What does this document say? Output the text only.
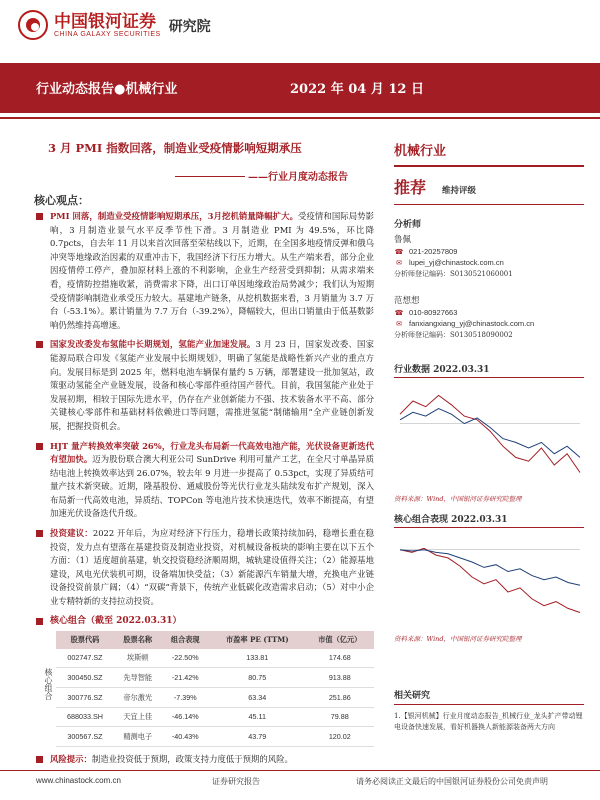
中国银河证券
CHINA GALAXY SECURITIES 研究院
行业动态报告●机械行业	2022 年 04 月 12 日
3 月 PMI 指数回落，制造业受疫情影响短期承压
——行业月度动态报告
核心观点：
PMI 回落，制造业受疫情影响短期承压，3月挖机销量降幅扩大。受疫情和国际局势影响，3 月制造业景气水平反季节性下滑。3 月制造业 PMI 为 49.5%，环比降 0.7pcts，自去年 11 月以来首次回落至荣枯线以下，近期，在全国多地疫情反弹和俄乌冲突等地缘政治因素的双重冲击下，我国经济下行压力增大。从生产端来看，部分企业因疫情停工停产，叠加原材料上涨的不利影响，企业生产经营受到抑制；从需求端来看，疫情防控措施收紧，消费需求下降，出口订单因地缘政治局势减少；我们认为短期受疫情影响制造业承受压力较大。基建地产链条，从挖机数据来看，3 月销量为 3.7 万台（-53.1%）。累计销量为 7.7 万台（-39.2%），降幅较大，但出口销量由于低基数影响仍然维持高增速。
国家发改委发布氢能中长期规划，氢能产业加速发展。3 月 23 日，国家发改委、国家能源局联合印发《氢能产业发展中长期规划》，明确了氢能是战略性新兴产业的重点方向。发展目标是到 2025 年，燃料电池车辆保有量约 5 万辆，部署建设一批加氢站，政策驱动氢能全产业链发展，设备和核心零部件亟待国产替代。目前，我国氢能产业处于发展初期，相较于国际先进水平，仍存在产业创新能力不强、技术装备水平不高、部分关键核心零部件和基础材料依赖进口等问题，需推进氢能“制储输用”全产业链创新发展，把握投资机会。
HJT 量产转换效率突破 26%，行业龙头布局新一代高效电池产能，光伏设备更新迭代有望加快。迈为股份联合澳大利亚公司 SunDrive 利用可量产工艺，在全尺寸单晶异质结电池上转换效率达到 26.07%，较去年 9 月进一步提高了 0.53pct，实现了异质结可量产技术新突破。近期，隆基股份、通威股份等光伏行业龙头陆续发布扩产规划，深入布局新一代高效电池，异质结、TOPCon 等电池片技术快速迭代，效率不断提高，有望加速光伏设备迭代升级。
投资建议：2022 开年后，为应对经济下行压力，稳增长政策持续加码，稳增长重在稳投资，发力点有望落在基建投资及制造业投资，对机械设备板块的影响主要在以下五个方面：（1）适度超前基建，轨交投资稳经济顺周期，城轨建设值得关注；（2）能源基地建设，风电光伏装机可期，设备端加快受益；（3）新能源汽车销量大增，充换电产业链设备投资前景广阔；（4）“双碳”背景下，传统产业低碳化改造需求启动；（5）对中小企业专精特新的支持拉动投资。
核心组合（截至 2022.03.31）
股票代码	股票名称	组合表现	市盈率 PE (TTM)	市值（亿元）
002747.SZ	埃斯顿	-22.50%	133.81	174.68
300450.SZ	先导智能	-21.42%	80.75	913.88
300776.SZ	帝尔激光	-7.39%	63.34	251.86
688033.SH	天宜上佳	-46.14%	45.11	79.88
300567.SZ	精测电子	-40.43%	43.79	120.02
风险提示：制造业投资低于预期，政策支持力度低于预期的风险。
核心组合
机械行业
推荐 维持评级
分析师
鲁佩
☎ 021-20257809
✉ lupei_yj@chinastock.com.cn
分析师登记编码：S0130521060001
范想想
☎ 010-80927663
✉ fanxiangxiang_yj@chinastock.com.cn
分析师登记编码：S0130518090002
行业数据 2022.03.31
资料来源：Wind，中国银河证券研究院整理
核心组合表现 2022.03.31
资料来源：Wind，中国银河证券研究院整理
相关研究
1.【银河机械】行业月度动态报告_机械行业_龙头扩产带动锂电设备快速发展，看好机器换人新能源装备两大方向
www.chinastock.com.cn	证券研究报告	请务必阅读正文最后的中国银河证券股份公司免责声明
